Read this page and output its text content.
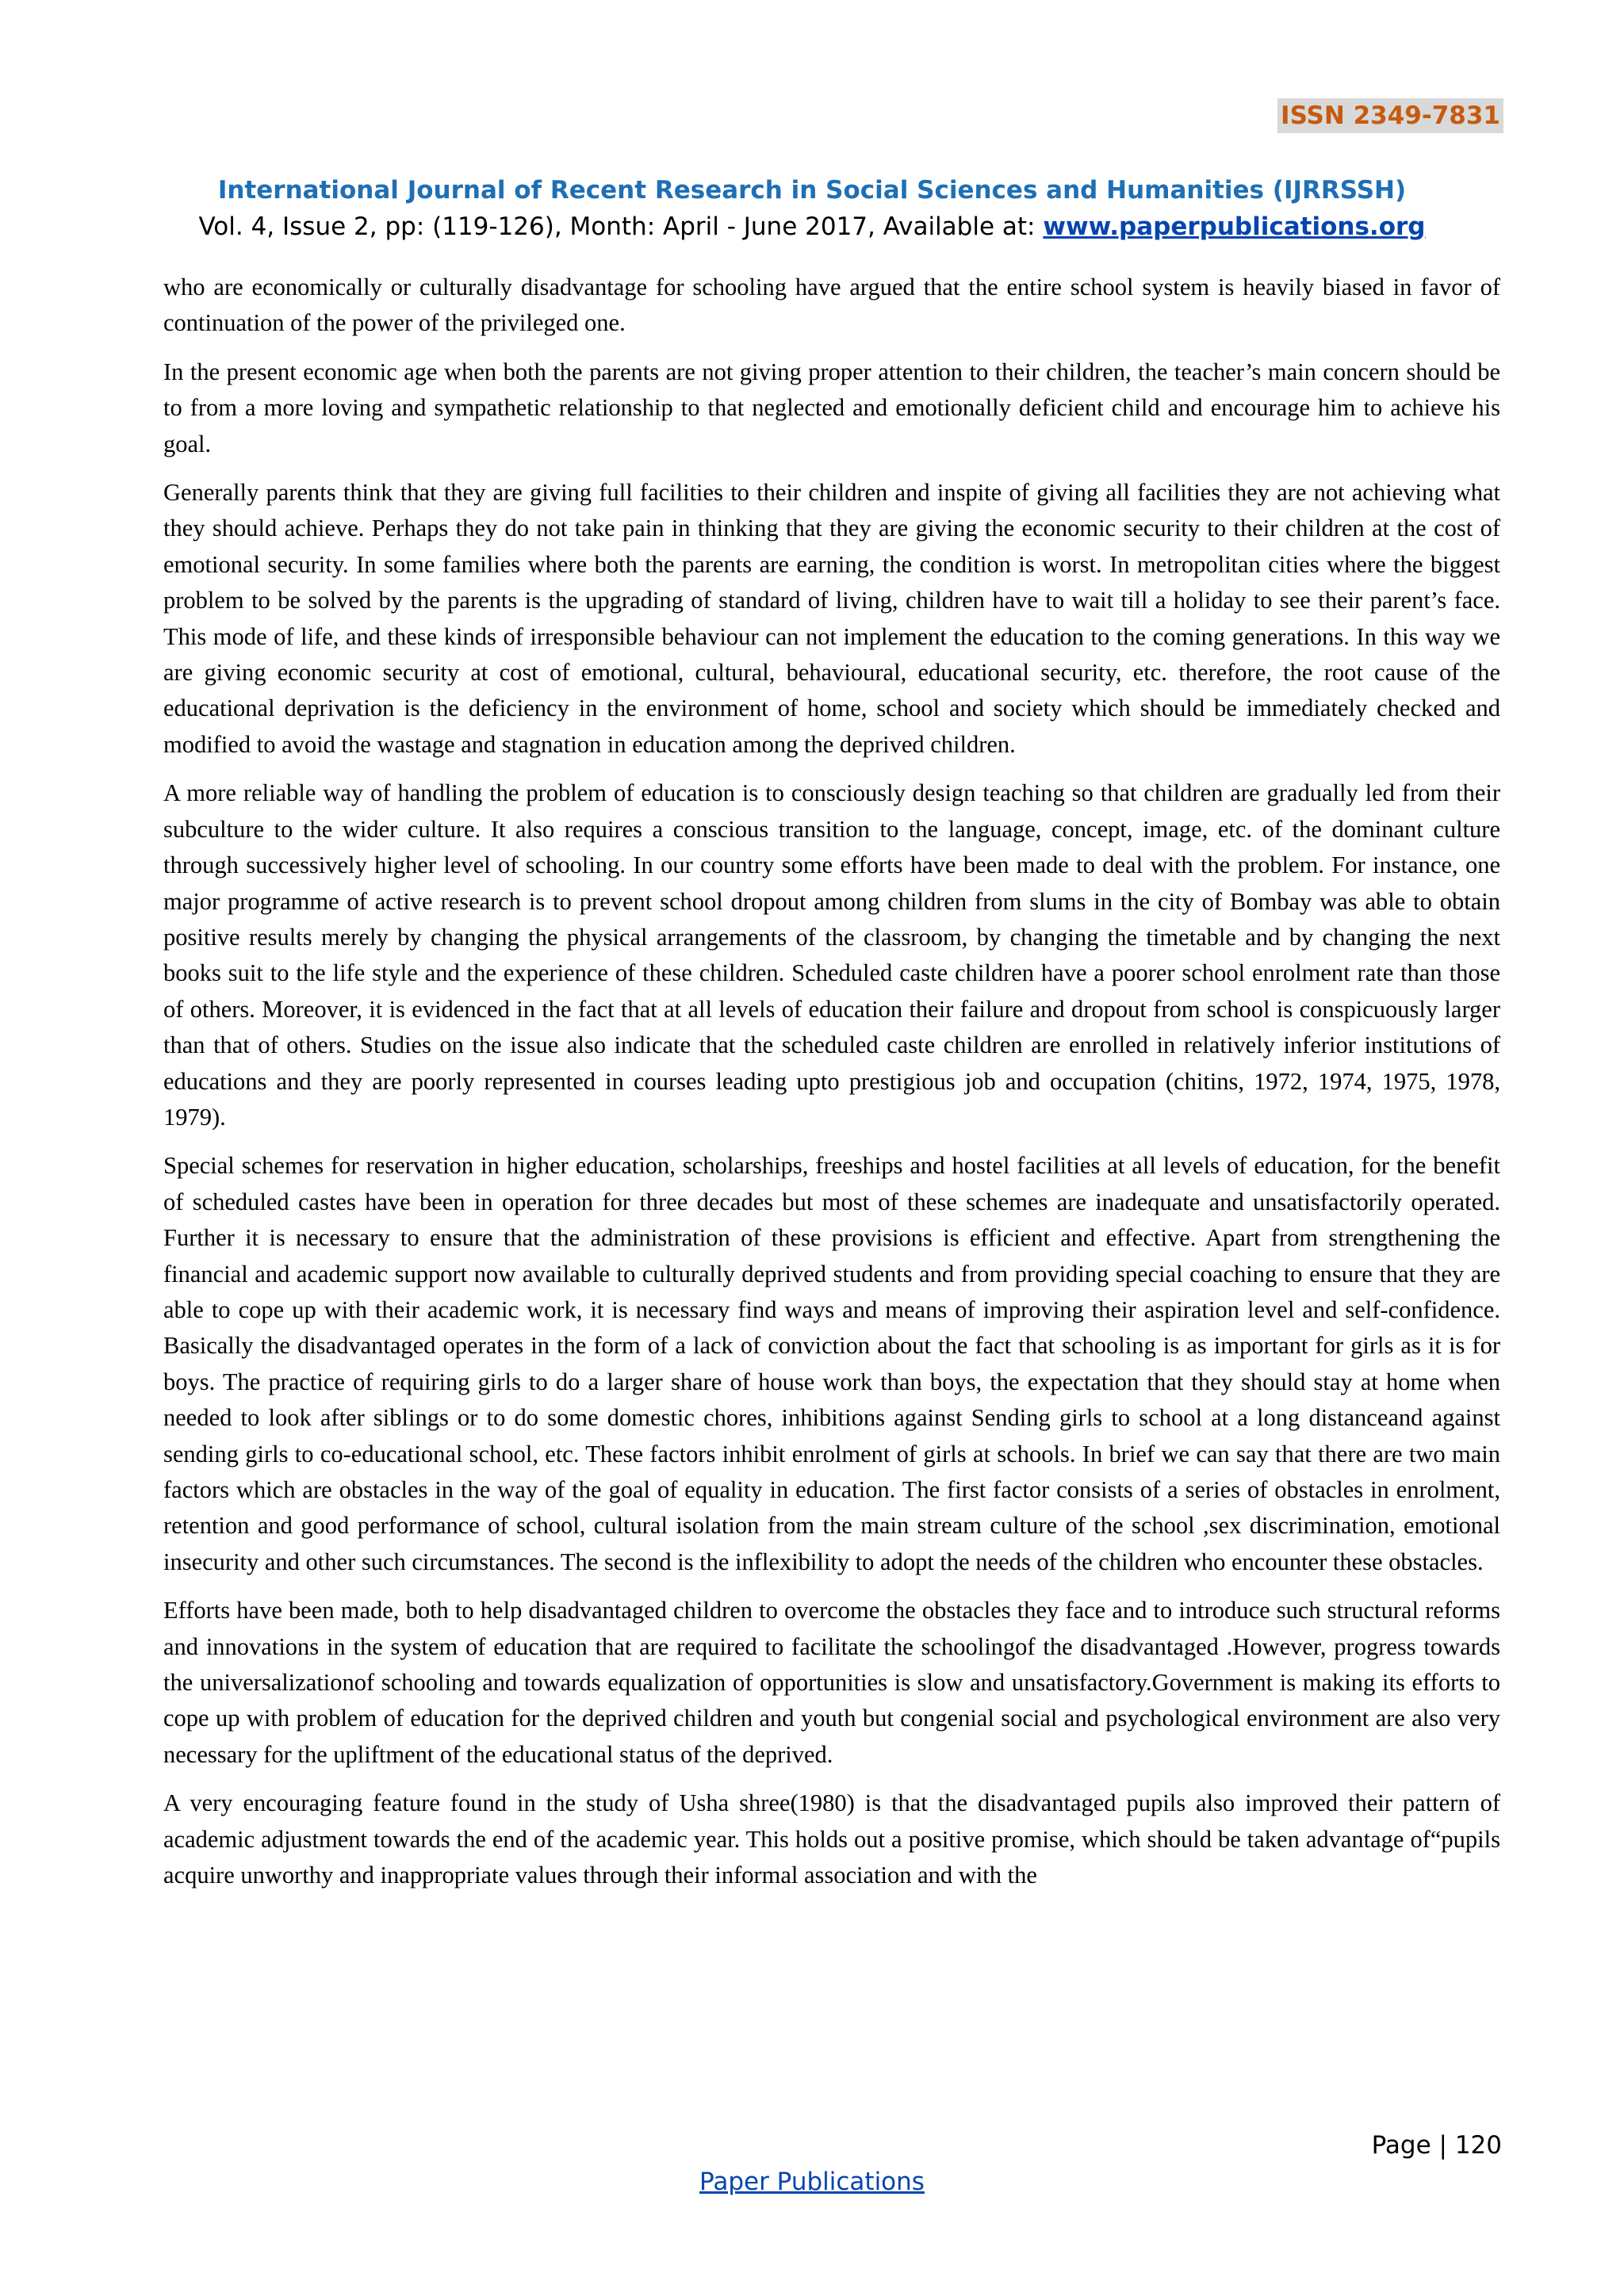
ISSN 2349-7831
International Journal of Recent Research in Social Sciences and Humanities (IJRRSSH)
Vol. 4, Issue 2, pp: (119-126), Month: April - June 2017, Available at: www.paperpublications.org

who are economically or culturally disadvantage for schooling have argued that the entire school system is heavily biased in favor of continuation of the power of the privileged one.

In the present economic age when both the parents are not giving proper attention to their children, the teacher’s main concern should be to from a more loving and sympathetic relationship to that neglected and emotionally deficient child and encourage him to achieve his goal.

Generally parents think that they are giving full facilities to their children and inspite of giving all facilities they are not achieving what they should achieve. Perhaps they do not take pain in thinking that they are giving the economic security to their children at the cost of emotional security. In some families where both the parents are earning, the condition is worst. In metropolitan cities where the biggest problem to be solved by the parents is the upgrading of standard of living, children have to wait till a holiday to see their parent’s face. This mode of life, and these kinds of irresponsible behaviour can not implement the education to the coming generations. In this way we are giving economic security at cost of emotional, cultural, behavioural, educational security, etc. therefore, the root cause of the educational deprivation is the deficiency in the environment of home, school and society which should be immediately checked and modified to avoid the wastage and stagnation in education among the deprived children.

A more reliable way of handling the problem of education is to consciously design teaching so that children are gradually led from their subculture to the wider culture. It also requires a conscious transition to the language, concept, image, etc. of the dominant culture through successively higher level of schooling. In our country some efforts have been made to deal with the problem. For instance, one major programme of active research is to prevent school dropout among children from slums in the city of Bombay was able to obtain positive results merely by changing the physical arrangements of the classroom, by changing the timetable and by changing the next books suit to the life style and the experience of these children. Scheduled caste children have a poorer school enrolment rate than those of others. Moreover, it is evidenced in the fact that at all levels of education their failure and dropout from school is conspicuously larger than that of others. Studies on the issue also indicate that the scheduled caste children are enrolled in relatively inferior institutions of educations and they are poorly represented in courses leading upto prestigious job and occupation (chitins, 1972, 1974, 1975, 1978, 1979).

Special schemes for reservation in higher education, scholarships, freeships and hostel facilities at all levels of education, for the benefit of scheduled castes have been in operation for three decades but most of these schemes are inadequate and unsatisfactorily operated. Further it is necessary to ensure that the administration of these provisions is efficient and effective. Apart from strengthening the financial and academic support now available to culturally deprived students and from providing special coaching to ensure that they are able to cope up with their academic work, it is necessary find ways and means of improving their aspiration level and self-confidence. Basically the disadvantaged operates in the form of a lack of conviction about the fact that schooling is as important for girls as it is for boys. The practice of requiring girls to do a larger share of house work than boys, the expectation that they should stay at home when needed to look after siblings or to do some domestic chores, inhibitions against Sending girls to school at a long distanceand against sending girls to co-educational school, etc. These factors inhibit enrolment of girls at schools. In brief we can say that there are two main factors which are obstacles in the way of the goal of equality in education. The first factor consists of a series of obstacles in enrolment, retention and good performance of school, cultural isolation from the main stream culture of the school ,sex discrimination, emotional insecurity and other such circumstances. The second is the inflexibility to adopt the needs of the children who encounter these obstacles.

Efforts have been made, both to help disadvantaged children to overcome the obstacles they face and to introduce such structural reforms and innovations in the system of education that are required to facilitate the schoolingof the disadvantaged .However, progress towards the universalizationof schooling and towards equalization of opportunities is slow and unsatisfactory.Government is making its efforts to cope up with problem of education for the deprived children and youth but congenial social and psychological environment are also very necessary for the upliftment of the educational status of the deprived.

A very encouraging feature found in the study of Usha shree(1980) is that the disadvantaged pupils also improved their pattern of academic adjustment towards the end of the academic year. This holds out a positive promise, which should be taken advantage of“pupils acquire unworthy and inappropriate values through their informal association and with the

Page | 120
Paper Publications
